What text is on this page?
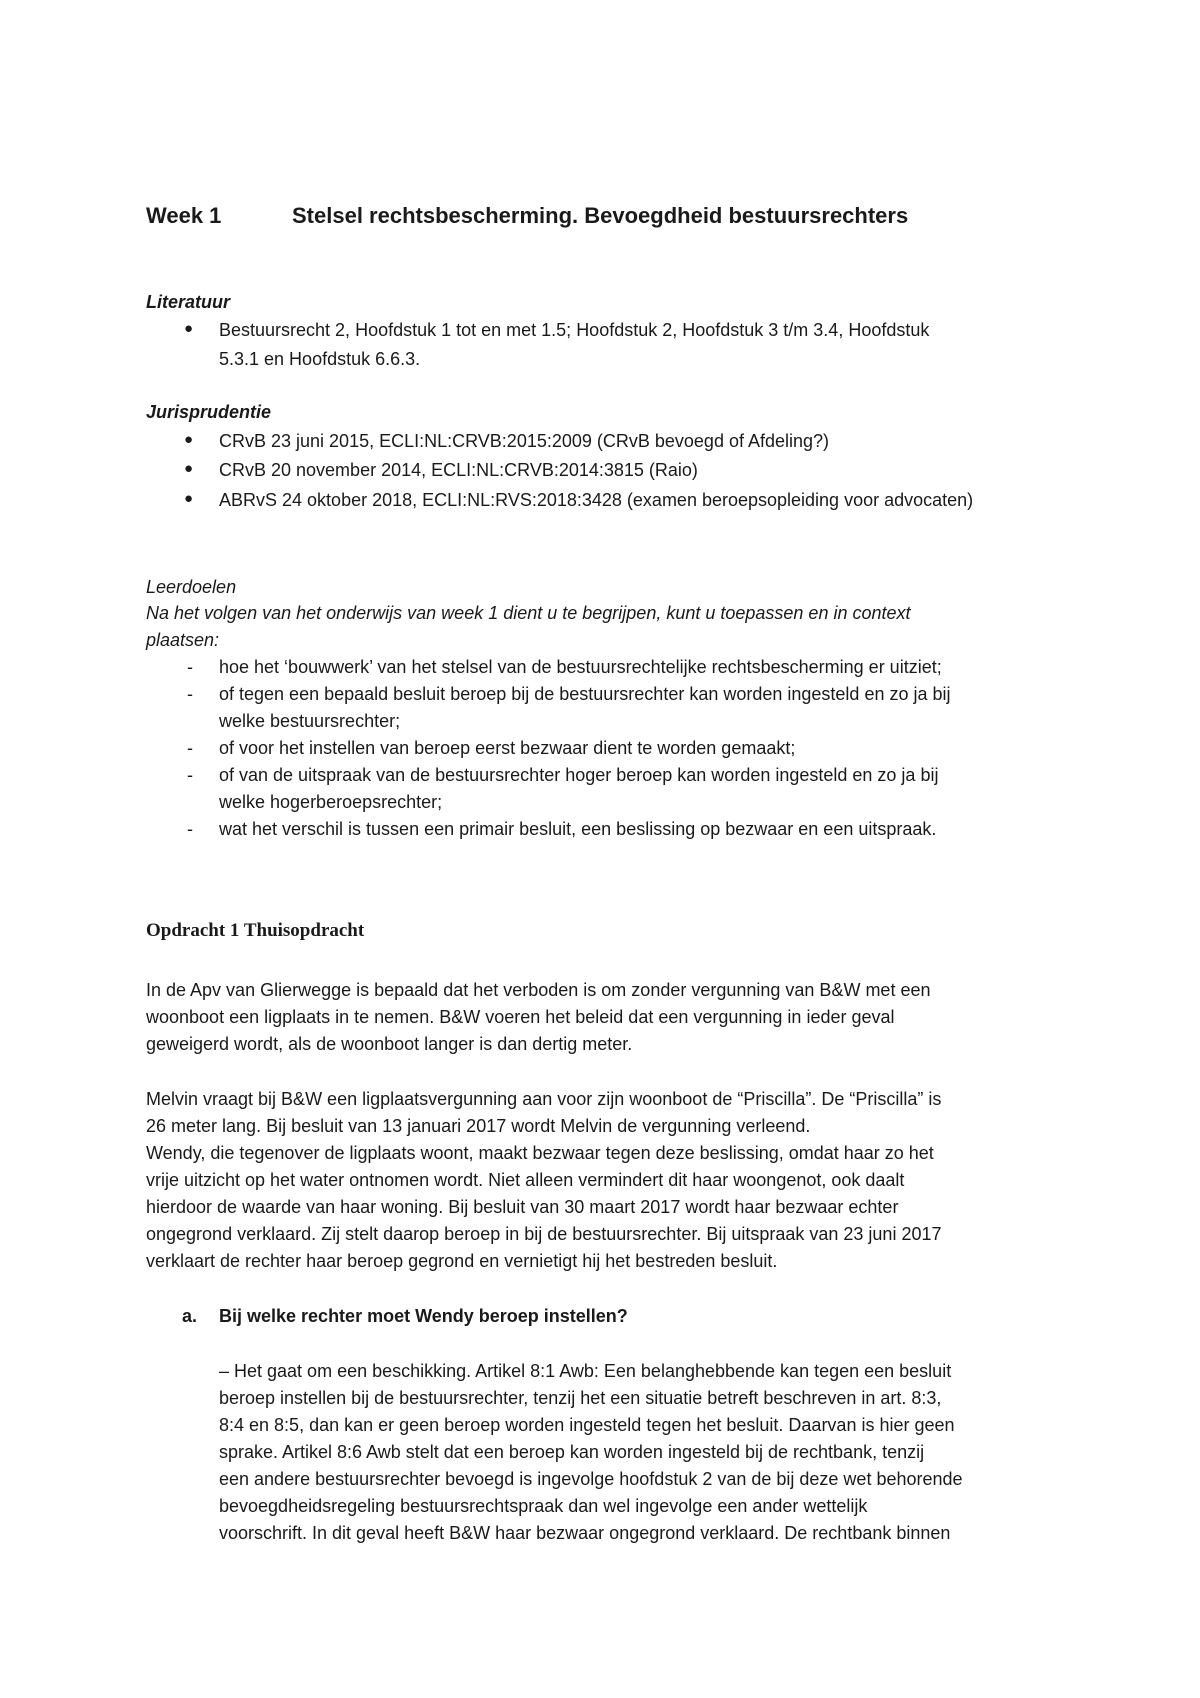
Week 1	Stelsel rechtsbescherming. Bevoegdheid bestuursrechters
Literatuur
● Bestuursrecht 2, Hoofdstuk 1 tot en met 1.5; Hoofdstuk 2, Hoofdstuk 3 t/m 3.4, Hoofdstuk
5.3.1 en Hoofdstuk 6.6.3.
Jurisprudentie
● CRvB 23 juni 2015, ECLI:NL:CRVB:2015:2009 (CRvB bevoegd of Afdeling?)
● CRvB 20 november 2014, ECLI:NL:CRVB:2014:3815 (Raio)
● ABRvS 24 oktober 2018, ECLI:NL:RVS:2018:3428 (examen beroepsopleiding voor advocaten)
Leerdoelen
Na het volgen van het onderwijs van week 1 dient u te begrijpen, kunt u toepassen en in context
plaatsen:
- hoe het ‘bouwwerk’ van het stelsel van de bestuursrechtelijke rechtsbescherming er uitziet;
- of tegen een bepaald besluit beroep bij de bestuursrechter kan worden ingesteld en zo ja bij
welke bestuursrechter;
- of voor het instellen van beroep eerst bezwaar dient te worden gemaakt;
- of van de uitspraak van de bestuursrechter hoger beroep kan worden ingesteld en zo ja bij
welke hogerberoepsrechter;
- wat het verschil is tussen een primair besluit, een beslissing op bezwaar en een uitspraak.
Opdracht 1 Thuisopdracht
In de Apv van Glierwegge is bepaald dat het verboden is om zonder vergunning van B&W met een
woonboot een ligplaats in te nemen. B&W voeren het beleid dat een vergunning in ieder geval
geweigerd wordt, als de woonboot langer is dan dertig meter.
Melvin vraagt bij B&W een ligplaatsvergunning aan voor zijn woonboot de “Priscilla”. De “Priscilla” is
26 meter lang. Bij besluit van 13 januari 2017 wordt Melvin de vergunning verleend.
Wendy, die tegenover de ligplaats woont, maakt bezwaar tegen deze beslissing, omdat haar zo het
vrije uitzicht op het water ontnomen wordt. Niet alleen vermindert dit haar woongenot, ook daalt
hierdoor de waarde van haar woning. Bij besluit van 30 maart 2017 wordt haar bezwaar echter
ongegrond verklaard. Zij stelt daarop beroep in bij de bestuursrechter. Bij uitspraak van 23 juni 2017
verklaart de rechter haar beroep gegrond en vernietigt hij het bestreden besluit.
a. Bij welke rechter moet Wendy beroep instellen?
– Het gaat om een beschikking. Artikel 8:1 Awb: Een belanghebbende kan tegen een besluit
beroep instellen bij de bestuursrechter, tenzij het een situatie betreft beschreven in art. 8:3,
8:4 en 8:5, dan kan er geen beroep worden ingesteld tegen het besluit. Daarvan is hier geen
sprake. Artikel 8:6 Awb stelt dat een beroep kan worden ingesteld bij de rechtbank, tenzij
een andere bestuursrechter bevoegd is ingevolge hoofdstuk 2 van de bij deze wet behorende
bevoegdheidsregeling bestuursrechtspraak dan wel ingevolge een ander wettelijk
voorschrift. In dit geval heeft B&W haar bezwaar ongegrond verklaard. De rechtbank binnen
